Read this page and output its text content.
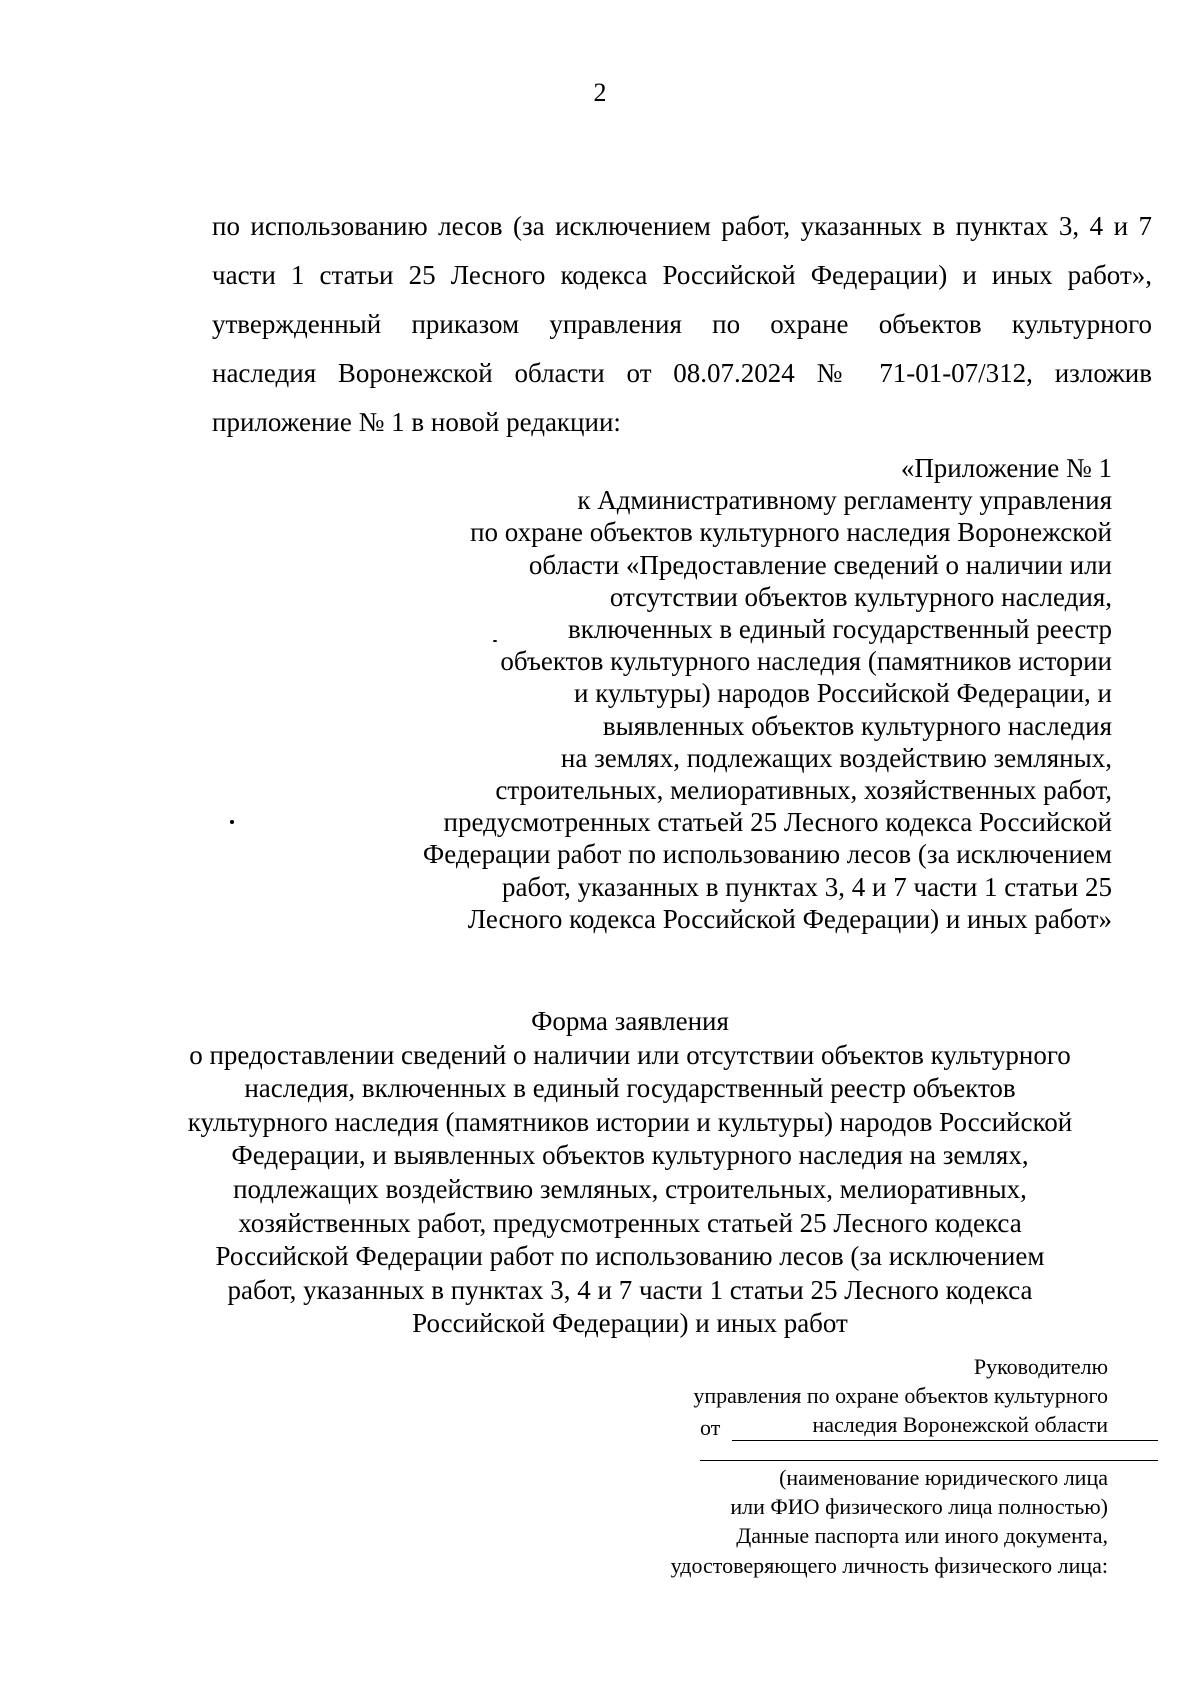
2
по использованию лесов (за исключением работ, указанных в пунктах 3, 4 и 7
части 1 статьи 25 Лесного кодекса Российской Федерации) и иных работ»,
утвержденный приказом управления по охране объектов культурного
наследия Воронежской области от 08.07.2024 № 71-01-07/312, изложив
приложение № 1 в новой редакции:
«Приложение № 1
к Административному регламенту управления
по охране объектов культурного наследия Воронежской
области «Предоставление сведений о наличии или
отсутствии объектов культурного наследия,
включенных в единый государственный реестр
объектов культурного наследия (памятников истории
и культуры) народов Российской Федерации, и
выявленных объектов культурного наследия
на землях, подлежащих воздействию земляных,
строительных, мелиоративных, хозяйственных работ,
предусмотренных статьей 25 Лесного кодекса Российской
Федерации работ по использованию лесов (за исключением
работ, указанных в пунктах 3, 4 и 7 части 1 статьи 25
Лесного кодекса Российской Федерации) и иных работ»
Форма заявления
о предоставлении сведений о наличии или отсутствии объектов культурного
наследия, включенных в единый государственный реестр объектов
культурного наследия (памятников истории и культуры) народов Российской
Федерации, и выявленных объектов культурного наследия на землях,
подлежащих воздействию земляных, строительных, мелиоративных,
хозяйственных работ, предусмотренных статьей 25 Лесного кодекса
Российской Федерации работ по использованию лесов (за исключением
работ, указанных в пунктах 3, 4 и 7 части 1 статьи 25 Лесного кодекса
Российской Федерации) и иных работ
Руководителю
управления по охране объектов культурного
наследия Воронежской области
от
(наименование юридического лица
или ФИО физического лица полностью)
Данные паспорта или иного документа,
удостоверяющего личность физического лица:
